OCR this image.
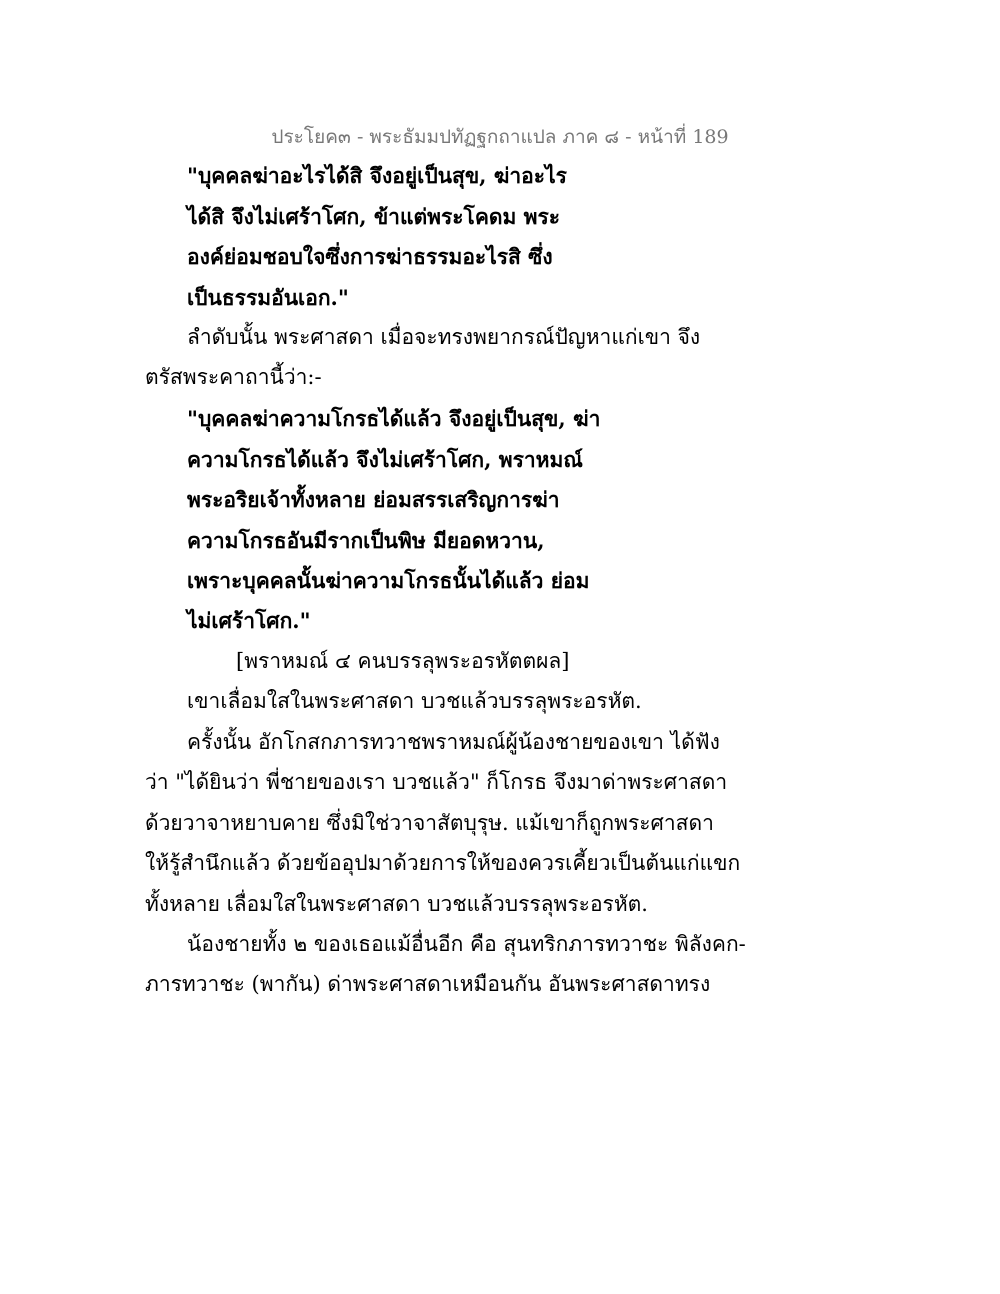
ประโยค๓ - พระธัมมปทัฏฐกถาแปล ภาค ๘ - หน้าที่ 189
"บุคคลฆ่าอะไรได้สิ จึงอยู่เป็นสุข, ฆ่าอะไร
ได้สิ จึงไม่เศร้าโศก, ข้าแต่พระโคดม พระ
องค์ย่อมชอบใจซึ่งการฆ่าธรรมอะไรสิ ซึ่ง
เป็นธรรมอันเอก."
ลำดับนั้น พระศาสดา เมื่อจะทรงพยากรณ์ปัญหาแก่เขา จึง
ตรัสพระคาถานี้ว่า:-
"บุคคลฆ่าความโกรธได้แล้ว จึงอยู่เป็นสุข, ฆ่า
ความโกรธได้แล้ว จึงไม่เศร้าโศก, พราหมณ์
พระอริยเจ้าทั้งหลาย ย่อมสรรเสริญการฆ่า
ความโกรธอันมีรากเป็นพิษ มียอดหวาน,
เพราะบุคคลนั้นฆ่าความโกรธนั้นได้แล้ว ย่อม
ไม่เศร้าโศก."
[พราหมณ์ ๔ คนบรรลุพระอรหัตตผล]
เขาเลื่อมใสในพระศาสดา บวชแล้วบรรลุพระอรหัต.
ครั้งนั้น อักโกสกภารทวาชพราหมณ์ผู้น้องชายของเขา ได้ฟัง
ว่า "ได้ยินว่า พี่ชายของเรา บวชแล้ว" ก็โกรธ จึงมาด่าพระศาสดา
ด้วยวาจาหยาบคาย ซึ่งมิใช่วาจาสัตบุรุษ. แม้เขาก็ถูกพระศาสดา
ให้รู้สำนึกแล้ว ด้วยข้ออุปมาด้วยการให้ของควรเคี้ยวเป็นต้นแก่แขก
ทั้งหลาย เลื่อมใสในพระศาสดา บวชแล้วบรรลุพระอรหัต.
น้องชายทั้ง ๒ ของเธอแม้อื่นอีก คือ สุนทริกภารทวาชะ พิลังคก-
ภารทวาชะ (พากัน) ด่าพระศาสดาเหมือนกัน อันพระศาสดาทรง
